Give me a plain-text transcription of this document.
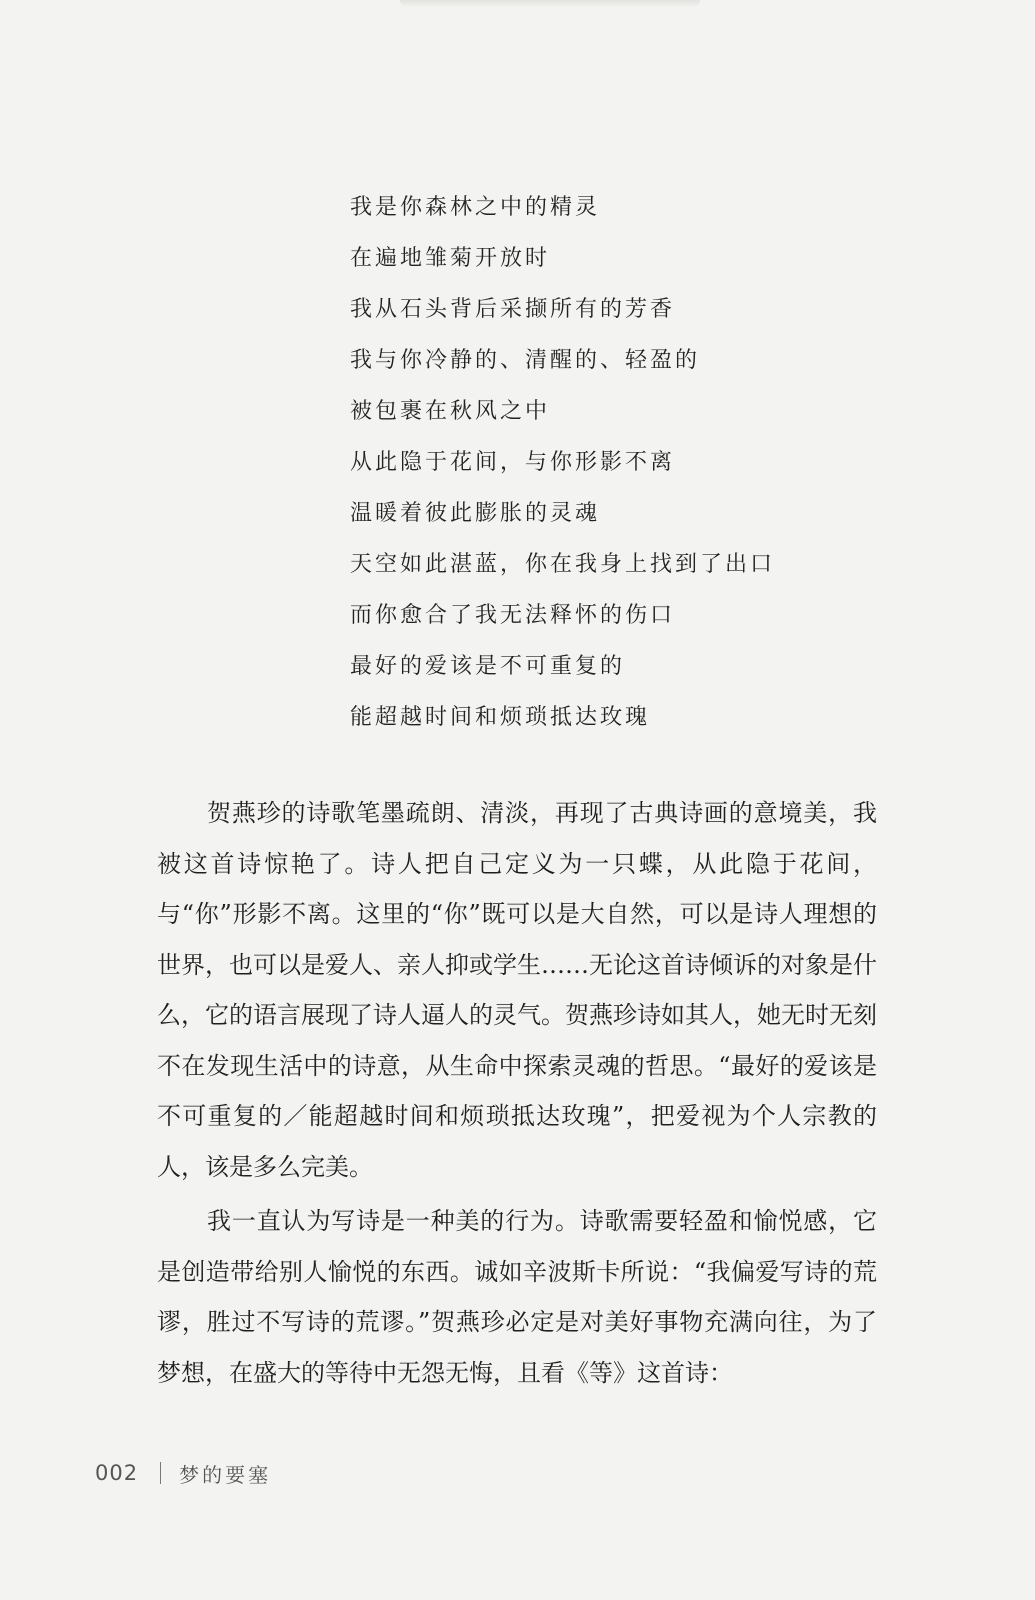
我是你森林之中的精灵
在遍地雏菊开放时
我从石头背后采撷所有的芳香
我与你冷静的、清醒的、轻盈的
被包裹在秋风之中
从此隐于花间，与你形影不离
温暖着彼此膨胀的灵魂
天空如此湛蓝，你在我身上找到了出口
而你愈合了我无法释怀的伤口
最好的爱该是不可重复的
能超越时间和烦琐抵达玫瑰

贺燕珍的诗歌笔墨疏朗、清淡，再现了古典诗画的意境美，我被这首诗惊艳了。诗人把自己定义为一只蝶，从此隐于花间，与“你”形影不离。这里的“你”既可以是大自然，可以是诗人理想的世界，也可以是爱人、亲人抑或学生……无论这首诗倾诉的对象是什么，它的语言展现了诗人逼人的灵气。贺燕珍诗如其人，她无时无刻不在发现生活中的诗意，从生命中探索灵魂的哲思。“最好的爱该是不可重复的／能超越时间和烦琐抵达玫瑰”，把爱视为个人宗教的人，该是多么完美。

我一直认为写诗是一种美的行为。诗歌需要轻盈和愉悦感，它是创造带给别人愉悦的东西。诚如辛波斯卡所说：“我偏爱写诗的荒谬，胜过不写诗的荒谬。”贺燕珍必定是对美好事物充满向往，为了梦想，在盛大的等待中无怨无悔，且看《等》这首诗：

002 梦的要塞
